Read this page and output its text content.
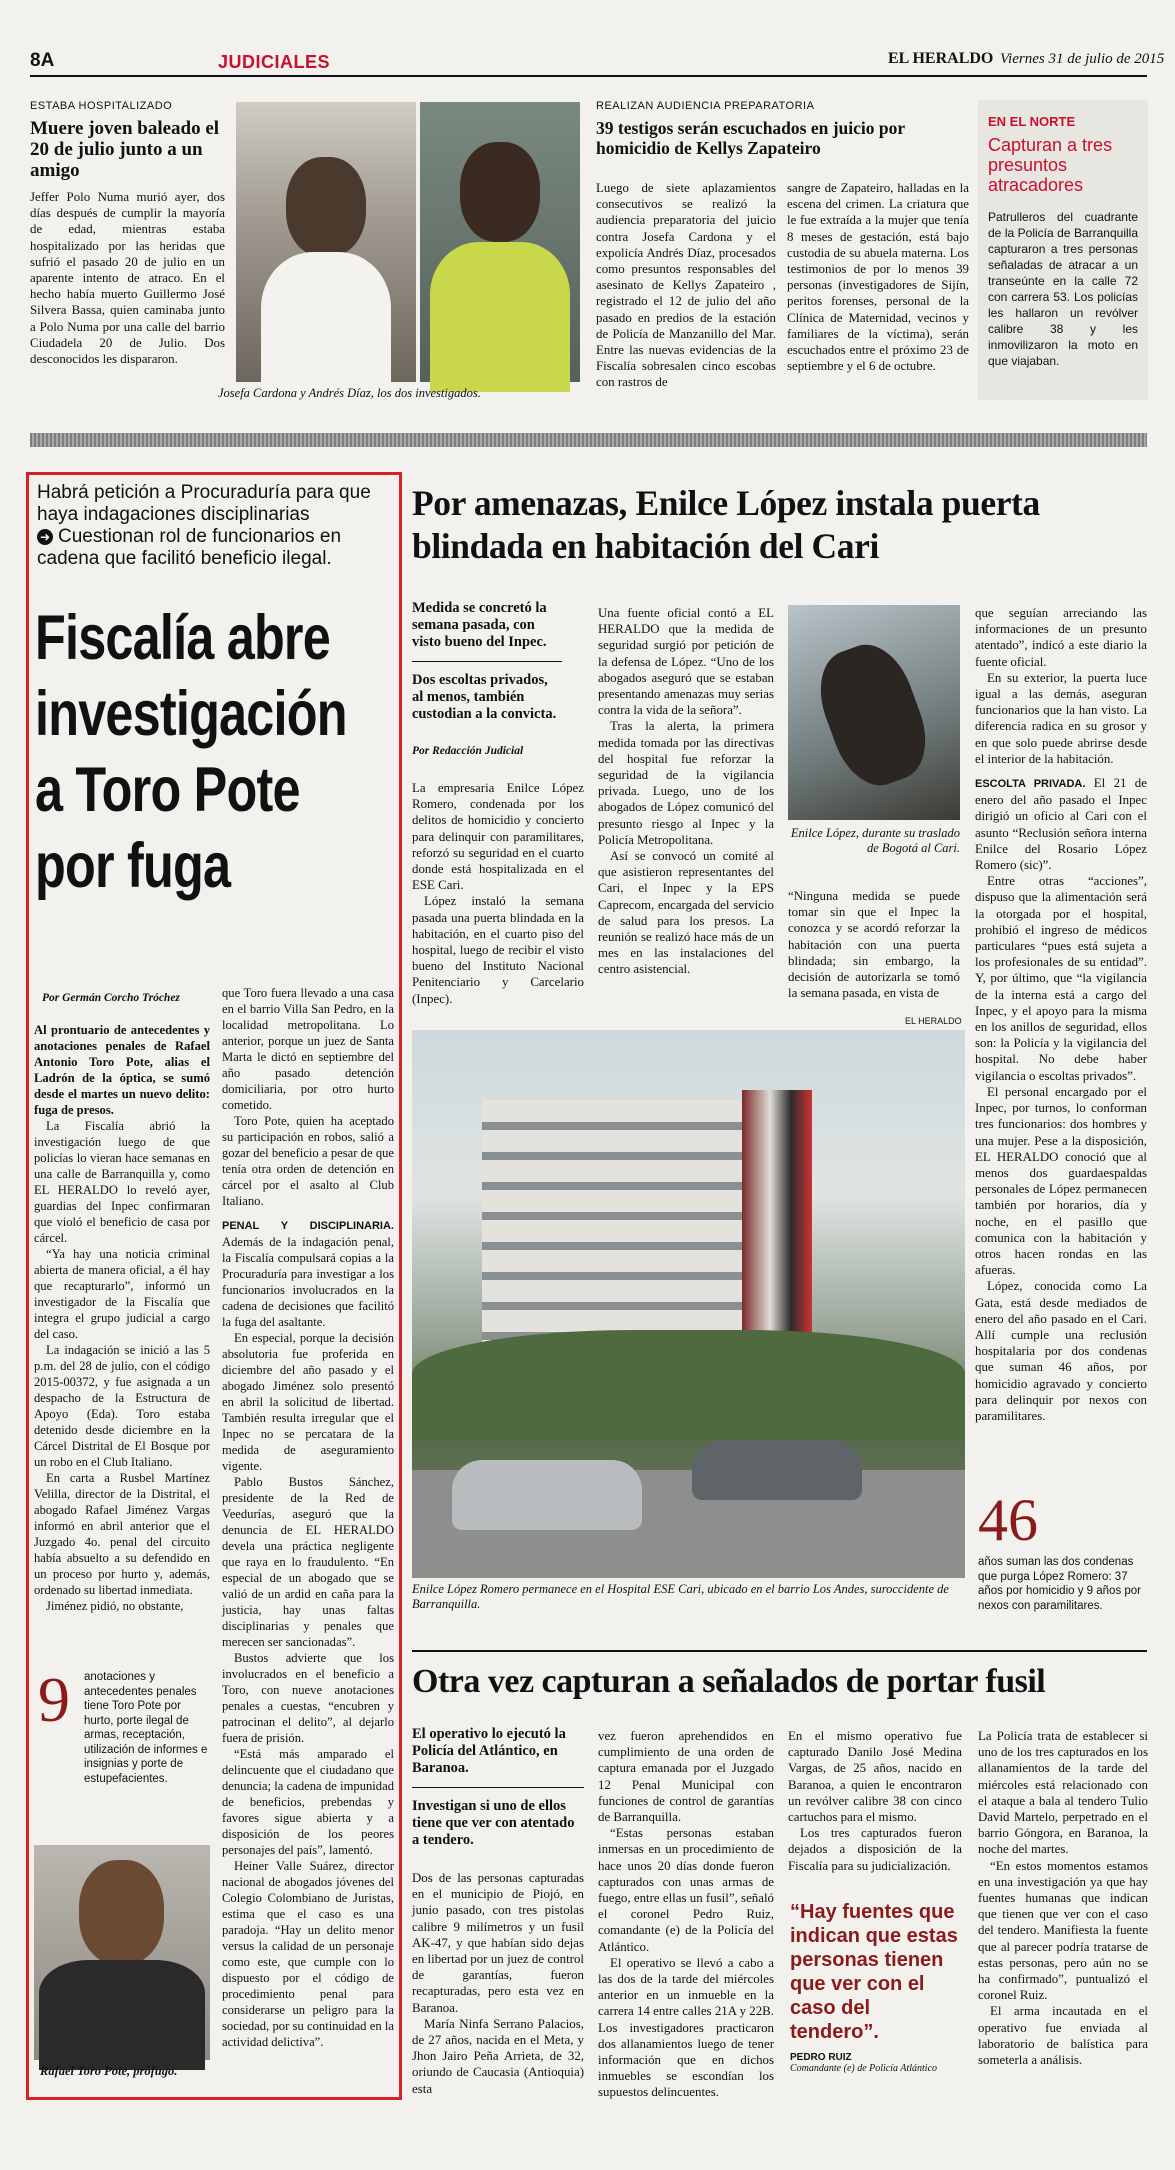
8A	JUDICIALES	EL HERALDO Viernes 31 de julio de 2015
ESTABA HOSPITALIZADO
Muere joven baleado el 20 de julio junto a un amigo

Jeffer Polo Numa murió ayer, dos días después de cumplir la mayoría de edad, mientras estaba hospitalizado por las heridas que sufrió el pasado 20 de julio en un aparente intento de atraco. En el hecho había muerto Guillermo José Silvera Bassa, quien caminaba junto a Polo Numa por una calle del barrio Ciudadela 20 de Julio. Dos desconocidos les dispararon.

Josefa Cardona y Andrés Díaz, los dos investigados.
REALIZAN AUDIENCIA PREPARATORIA
39 testigos serán escuchados en juicio por homicidio de Kellys Zapateiro

Luego de siete aplazamientos consecutivos se realizó la audiencia preparatoria del juicio contra Josefa Cardona y el expolicía Andrés Díaz, procesados como presuntos responsables del asesinato de Kellys Zapateiro , registrado el 12 de julio del año pasado en predios de la estación de Policía de Manzanillo del Mar. Entre las nuevas evidencias de la Fiscalía sobresalen cinco escobas con rastros de

sangre de Zapateiro, halladas en la escena del crimen. La criatura que le fue extraída a la mujer que tenía 8 meses de gestación, está bajo custodia de su abuela materna. Los testimonios de por lo menos 39 personas (investigadores de Sijín, peritos forenses, personal de la Clínica de Maternidad, vecinos y familiares de la víctima), serán escuchados entre el próximo 23 de septiembre y el 6 de octubre.

EN EL NORTE
Capturan a tres presuntos atracadores
Patrulleros del cuadrante de la Policía de Barranquilla capturaron a tres personas señaladas de atracar a un transeúnte en la calle 72 con carrera 53. Los policías les hallaron un revólver calibre 38 y les inmovilizaron la moto en que viajaban.
Habrá petición a Procuraduría para que haya indagaciones disciplinarias
➜ Cuestionan rol de funcionarios en cadena que facilitó beneficio ilegal.
Fiscalía abre
investigación
a Toro Pote
por fuga
Por Germán Corcho Tróchez

Al prontuario de antecedentes y anotaciones penales de Rafael Antonio Toro Pote, alias el Ladrón de la óptica, se sumó desde el martes un nuevo delito: fuga de presos.

La Fiscalía abrió la investigación luego de que policías lo vieran hace semanas en una calle de Barranquilla y, como EL HERALDO lo reveló ayer, guardias del Inpec confirmaran que violó el beneficio de casa por cárcel.

“Ya hay una noticia criminal abierta de manera oficial, a él hay que recapturarlo”, informó un investigador de la Fiscalía que integra el grupo judicial a cargo del caso.

La indagación se inició a las 5 p.m. del 28 de julio, con el código 2015-00372, y fue asignada a un despacho de la Estructura de Apoyo (Eda). Toro estaba detenido desde diciembre en la Cárcel Distrital de El Bosque por un robo en el Club Italiano.

En carta a Rusbel Martínez Velilla, director de la Distrital, el abogado Rafael Jiménez Vargas informó en abril anterior que el Juzgado 4o. penal del circuito había absuelto a su defendido en un proceso por hurto y, además, ordenado su libertad inmediata.

Jiménez pidió, no obstante,

9	anotaciones y antecedentes penales tiene Toro Pote por hurto, porte ilegal de armas, receptación, utilización de informes e insignias y porte de estupefacientes.
Rafael Toro Pote, prófugo.

que Toro fuera llevado a una casa en el barrio Villa San Pedro, en la localidad metropolitana. Lo anterior, porque un juez de Santa Marta le dictó en septiembre del año pasado detención domiciliaria, por otro hurto cometido.

Toro Pote, quien ha aceptado su participación en robos, salió a gozar del beneficio a pesar de que tenía otra orden de detención en cárcel por el asalto al Club Italiano.

PENAL Y DISCIPLINARIA. Además de la indagación penal, la Fiscalía compulsará copias a la Procuraduría para investigar a los funcionarios involucrados en la cadena de decisiones que facilitó la fuga del asaltante.

En especial, porque la decisión absolutoria fue proferida en diciembre del año pasado y el abogado Jiménez solo presentó en abril la solicitud de libertad. También resulta irregular que el Inpec no se percatara de la medida de aseguramiento vigente.

Pablo Bustos Sánchez, presidente de la Red de Veedurías, aseguró que la denuncia de EL HERALDO devela una práctica negligente que raya en lo fraudulento. “En especial de un abogado que se valió de un ardid en caña para la justicia, hay unas faltas disciplinarias y penales que merecen ser sancionadas”.

Bustos advierte que los involucrados en el beneficio a Toro, con nueve anotaciones penales a cuestas, “encubren y patrocinan el delito”, al dejarlo fuera de prisión.

“Está más amparado el delincuente que el ciudadano que denuncia; la cadena de impunidad de beneficios, prebendas y favores sigue abierta y a disposición de los peores personajes del país”, lamentó.

Heiner Valle Suárez, director nacional de abogados jóvenes del Colegio Colombiano de Juristas, estima que el caso es una paradoja. “Hay un delito menor versus la calidad de un personaje como este, que cumple con lo dispuesto por el código de procedimiento penal para considerarse un peligro para la sociedad, por su continuidad en la actividad delictiva”.

Por amenazas, Enilce López instala puerta blindada en habitación del Cari
Medida se concretó la semana pasada, con visto bueno del Inpec.
Dos escoltas privados, al menos, también custodian a la convicta.
Por Redacción Judicial

La empresaria Enilce López Romero, condenada por los delitos de homicidio y concierto para delinquir con paramilitares, reforzó su seguridad en el cuarto donde está hospitalizada en el ESE Cari.

López instaló la semana pasada una puerta blindada en la habitación, en el cuarto piso del hospital, luego de recibir el visto bueno del Instituto Nacional Penitenciario y Carcelario (Inpec).

Una fuente oficial contó a EL HERALDO que la medida de seguridad surgió por petición de la defensa de López. “Uno de los abogados aseguró que se estaban presentando amenazas muy serias contra la vida de la señora”.

Tras la alerta, la primera medida tomada por las directivas del hospital fue reforzar la seguridad de la vigilancia privada. Luego, uno de los abogados de López comunicó del presunto riesgo al Inpec y la Policía Metropolitana.

Así se convocó un comité al que asistieron representantes del Cari, el Inpec y la EPS Caprecom, encargada del servicio de salud para los presos. La reunión se realizó hace más de un mes en las instalaciones del centro asistencial.

Enilce López, durante su traslado de Bogotá al Cari.

“Ninguna medida se puede tomar sin que el Inpec la conozca y se acordó reforzar la habitación con una puerta blindada; sin embargo, la decisión de autorizarla se tomó la semana pasada, en vista de

que seguían arreciando las informaciones de un presunto atentado”, indicó a este diario la fuente oficial.

En su exterior, la puerta luce igual a las demás, aseguran funcionarios que la han visto. La diferencia radica en su grosor y en que solo puede abrirse desde el interior de la habitación.

ESCOLTA PRIVADA. El 21 de enero del año pasado el Inpec dirigió un oficio al Cari con el asunto “Reclusión señora interna Enilce del Rosario López Romero (sic)”.

Entre otras “acciones”, dispuso que la alimentación será la otorgada por el hospital, prohibió el ingreso de médicos particulares “pues está sujeta a los profesionales de su entidad”. Y, por último, que “la vigilancia de la interna está a cargo del Inpec, y el apoyo para la misma en los anillos de seguridad, ellos son: la Policía y la vigilancia del hospital. No debe haber vigilancia o escoltas privados”.

El personal encargado por el Inpec, por turnos, lo conforman tres funcionarios: dos hombres y una mujer. Pese a la disposición, EL HERALDO conoció que al menos dos guardaespaldas personales de López permanecen también por horarios, día y noche, en el pasillo que comunica con la habitación y otros hacen rondas en las afueras.

López, conocida como La Gata, está desde mediados de enero del año pasado en el Cari. Allí cumple una reclusión hospitalaria por dos condenas que suman 46 años, por homicidio agravado y concierto para delinquir por nexos con paramilitares.

EL HERALDO
Enilce López Romero permanece en el Hospital ESE Cari, ubicado en el barrio Los Andes, suroccidente de Barranquilla.
46
años suman las dos condenas que purga López Romero: 37 años por homicidio y 9 años por nexos con paramilitares.
Otra vez capturan a señalados de portar fusil
El operativo lo ejecutó la Policía del Atlántico, en Baranoa.
Investigan si uno de ellos tiene que ver con atentado a tendero.

Dos de las personas capturadas en el municipio de Piojó, en junio pasado, con tres pistolas calibre 9 milímetros y un fusil AK-47, y que habían sido dejas en libertad por un juez de control de garantías, fueron recapturadas, pero esta vez en Baranoa.

María Ninfa Serrano Palacios, de 27 años, nacida en el Meta, y Jhon Jairo Peña Arrieta, de 32, oriundo de Caucasia (Antioquia) esta

vez fueron aprehendidos en cumplimiento de una orden de captura emanada por el Juzgado 12 Penal Municipal con funciones de control de garantías de Barranquilla.

“Estas personas estaban inmersas en un procedimiento de hace unos 20 días donde fueron capturados con unas armas de fuego, entre ellas un fusil”, señaló el coronel Pedro Ruiz, comandante (e) de la Policía del Atlántico.

El operativo se llevó a cabo a las dos de la tarde del miércoles anterior en un inmueble en la carrera 14 entre calles 21A y 22B. Los investigadores practicaron dos allanamientos luego de tener información que en dichos inmuebles se escondían los supuestos delincuentes.

En el mismo operativo fue capturado Danilo José Medina Vargas, de 25 años, nacido en Baranoa, a quien le encontraron un revólver calibre 38 con cinco cartuchos para el mismo.

Los tres capturados fueron dejados a disposición de la Fiscalía para su judicialización.

“Hay fuentes que indican que estas personas tienen que ver con el caso del tendero”.
PEDRO RUIZ
Comandante (e) de Policía Atlántico

La Policía trata de establecer si uno de los tres capturados en los allanamientos de la tarde del miércoles está relacionado con el ataque a bala al tendero Tulio David Martelo, perpetrado en el barrio Góngora, en Baranoa, la noche del martes.

“En estos momentos estamos en una investigación ya que hay fuentes humanas que indican que tienen que ver con el caso del tendero. Manifiesta la fuente que al parecer podría tratarse de estas personas, pero aún no se ha confirmado”, puntualizó el coronel Ruiz.

El arma incautada en el operativo fue enviada al laboratorio de balística para someterla a análisis.
